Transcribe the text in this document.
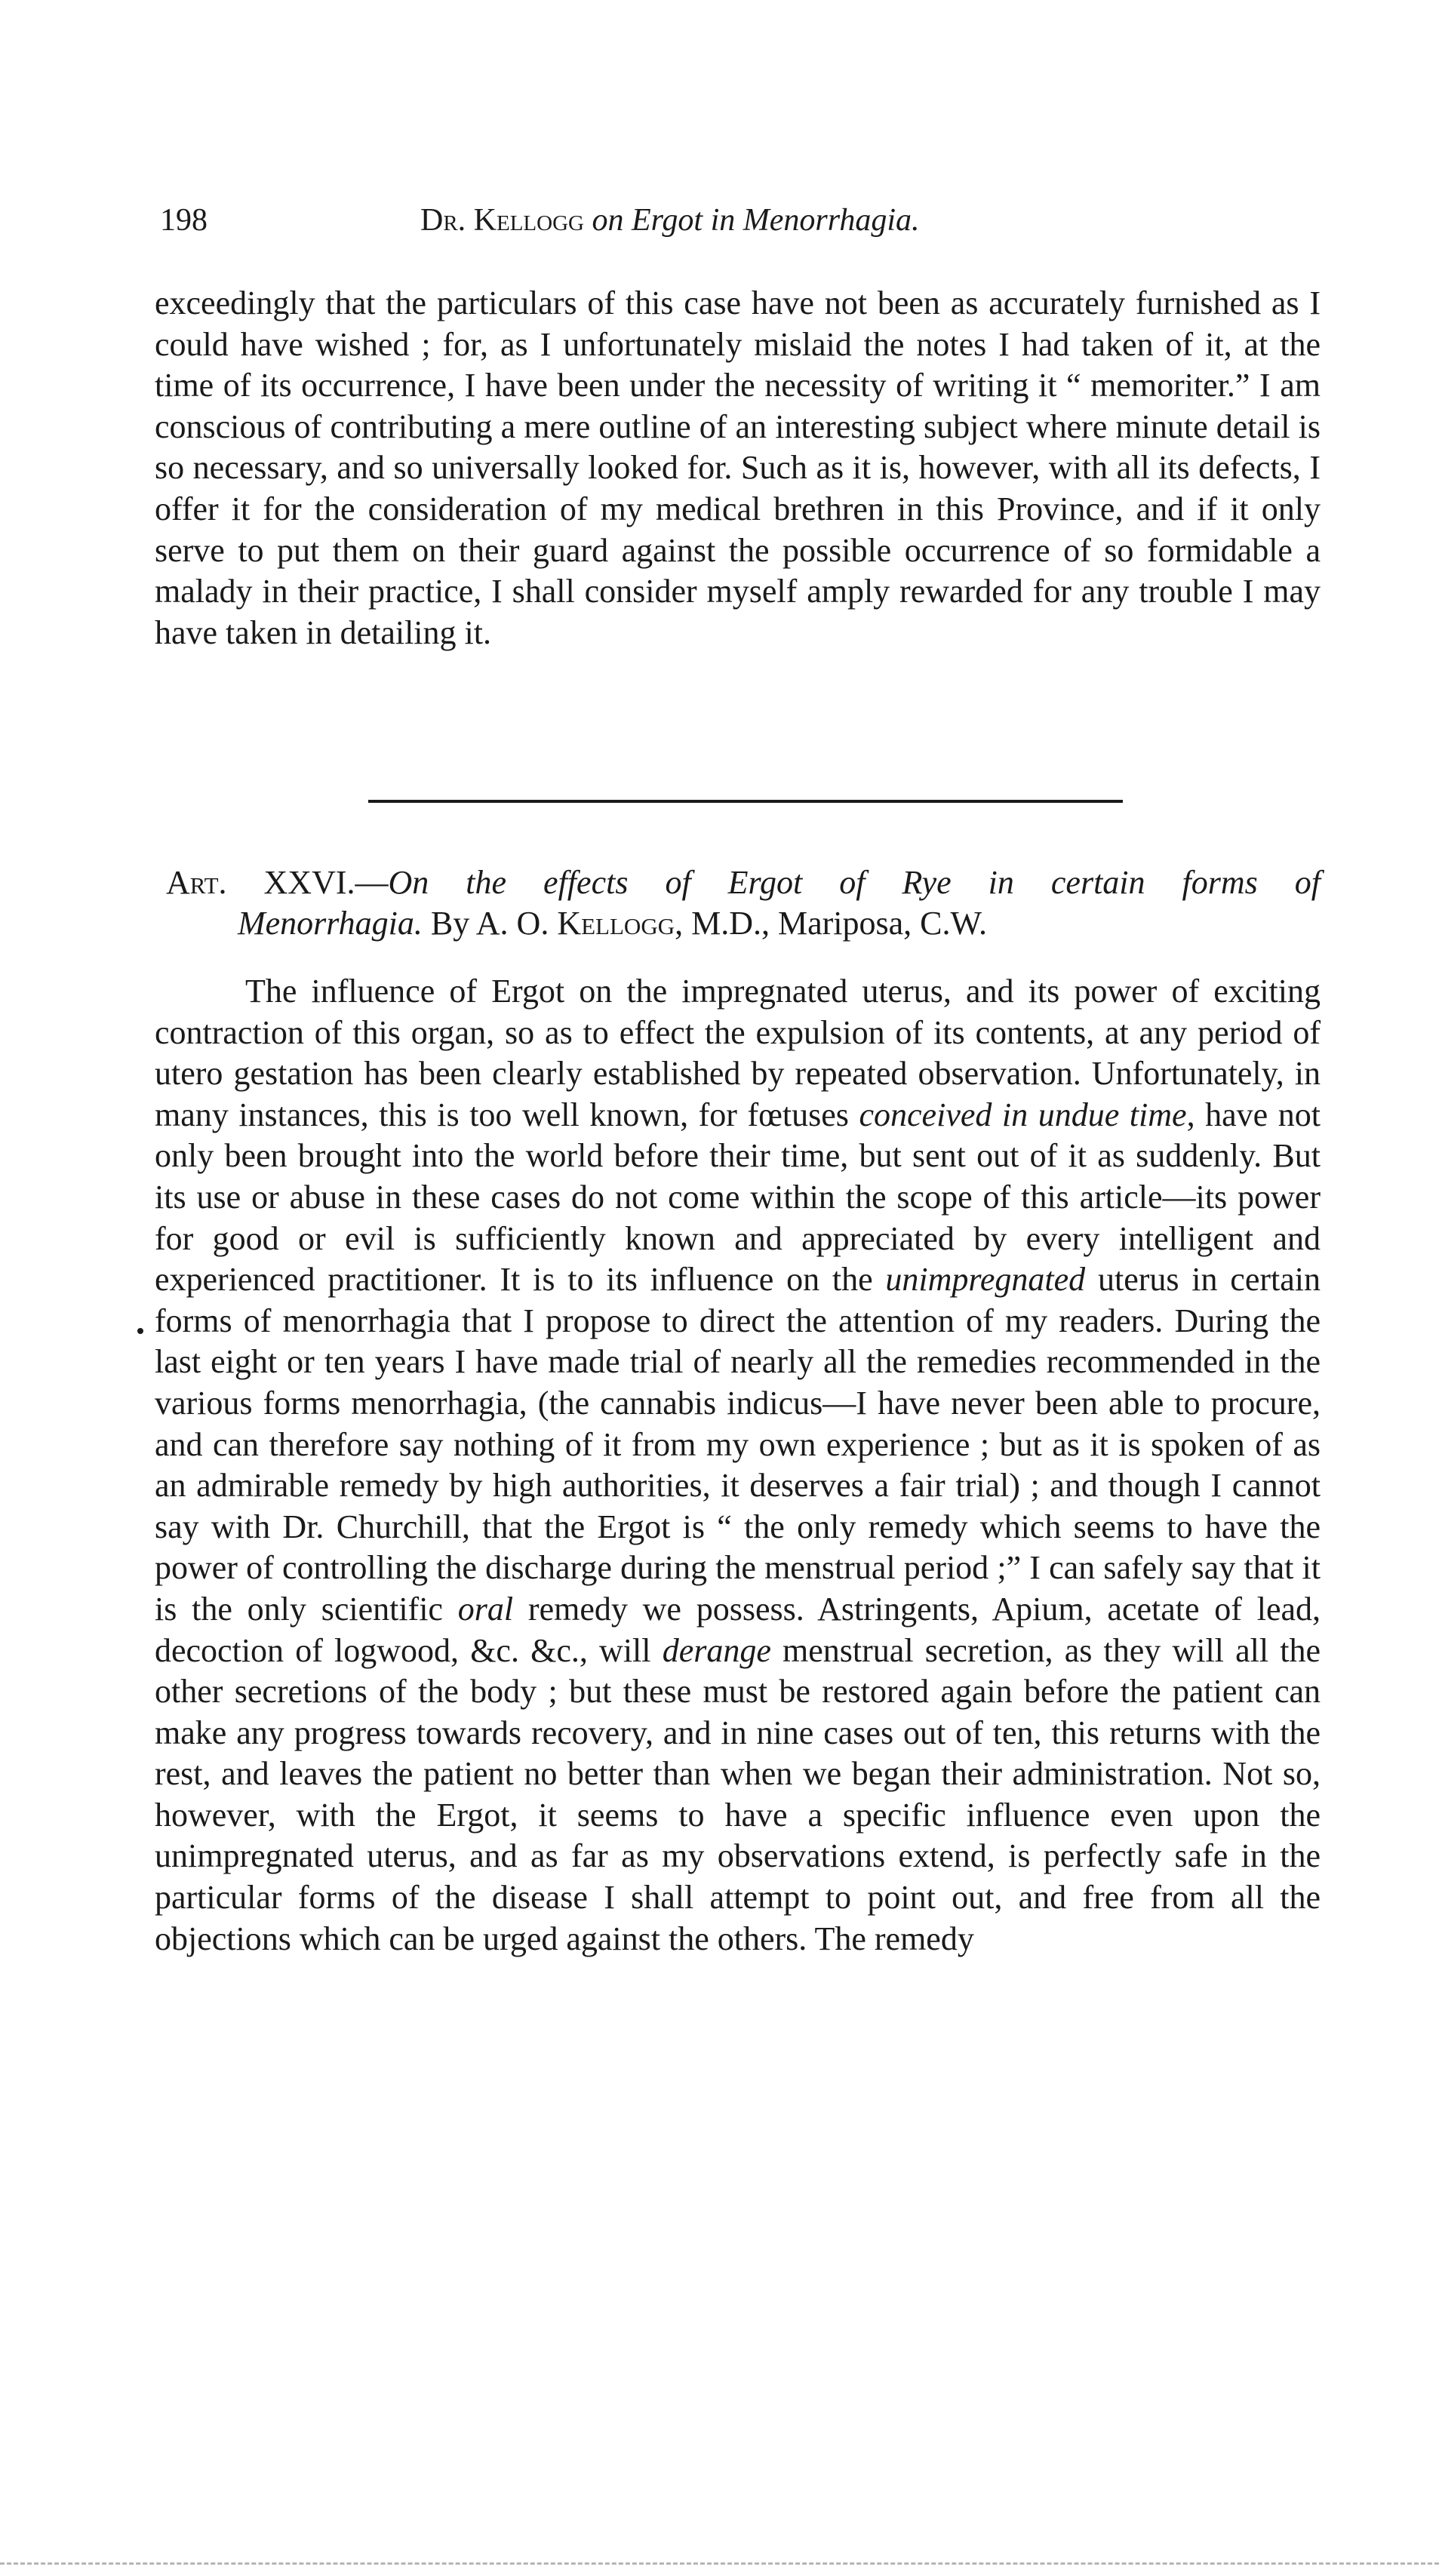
198	Dr. Kellogg on Ergot in Menorrhagia.

exceedingly that the particulars of this case have not been as accurately furnished as I could have wished ; for, as I unfortunately mislaid the notes I had taken of it, at the time of its occurrence, I have been under the necessity of writing it “ memoriter.” I am conscious of contributing a mere outline of an interesting subject where minute detail is so necessary, and so universally looked for. Such as it is, however, with all its defects, I offer it for the consideration of my medical brethren in this Province, and if it only serve to put them on their guard against the possible occurrence of so formidable a malady in their practice, I shall consider myself amply rewarded for any trouble I may have taken in detailing it.

Art. XXVI.—On the effects of Ergot of Rye in certain forms of
Menorrhagia. By A. O. Kellogg, M.D., Mariposa, C.W.

The influence of Ergot on the impregnated uterus, and its power of exciting contraction of this organ, so as to effect the expulsion of its contents, at any period of utero gestation has been clearly established by repeated observation. Unfortunately, in many instances, this is too well known, for fœtuses conceived in undue time, have not only been brought into the world before their time, but sent out of it as suddenly. But its use or abuse in these cases do not come within the scope of this article—its power for good or evil is sufficiently known and appreciated by every intelligent and experienced practitioner. It is to its influence on the unimpregnated uterus in certain forms of menorrhagia that I propose to direct the attention of my readers. During the last eight or ten years I have made trial of nearly all the remedies recommended in the various forms menorrhagia, (the cannabis indicus—I have never been able to procure, and can therefore say nothing of it from my own experience ; but as it is spoken of as an admirable remedy by high authorities, it deserves a fair trial) ; and though I cannot say with Dr. Churchill, that the Ergot is “ the only remedy which seems to have the power of controlling the discharge during the menstrual period ;” I can safely say that it is the only scientific oral remedy we possess. Astringents, Apium, acetate of lead, decoction of logwood, &c. &c., will derange menstrual secretion, as they will all the other secretions of the body ; but these must be restored again before the patient can make any progress towards recovery, and in nine cases out of ten, this returns with the rest, and leaves the patient no better than when we began their administration. Not so, however, with the Ergot, it seems to have a specific influence even upon the unimpregnated uterus, and as far as my observations extend, is perfectly safe in the particular forms of the disease I shall attempt to point out, and free from all the objections which can be urged against the others. The remedy
